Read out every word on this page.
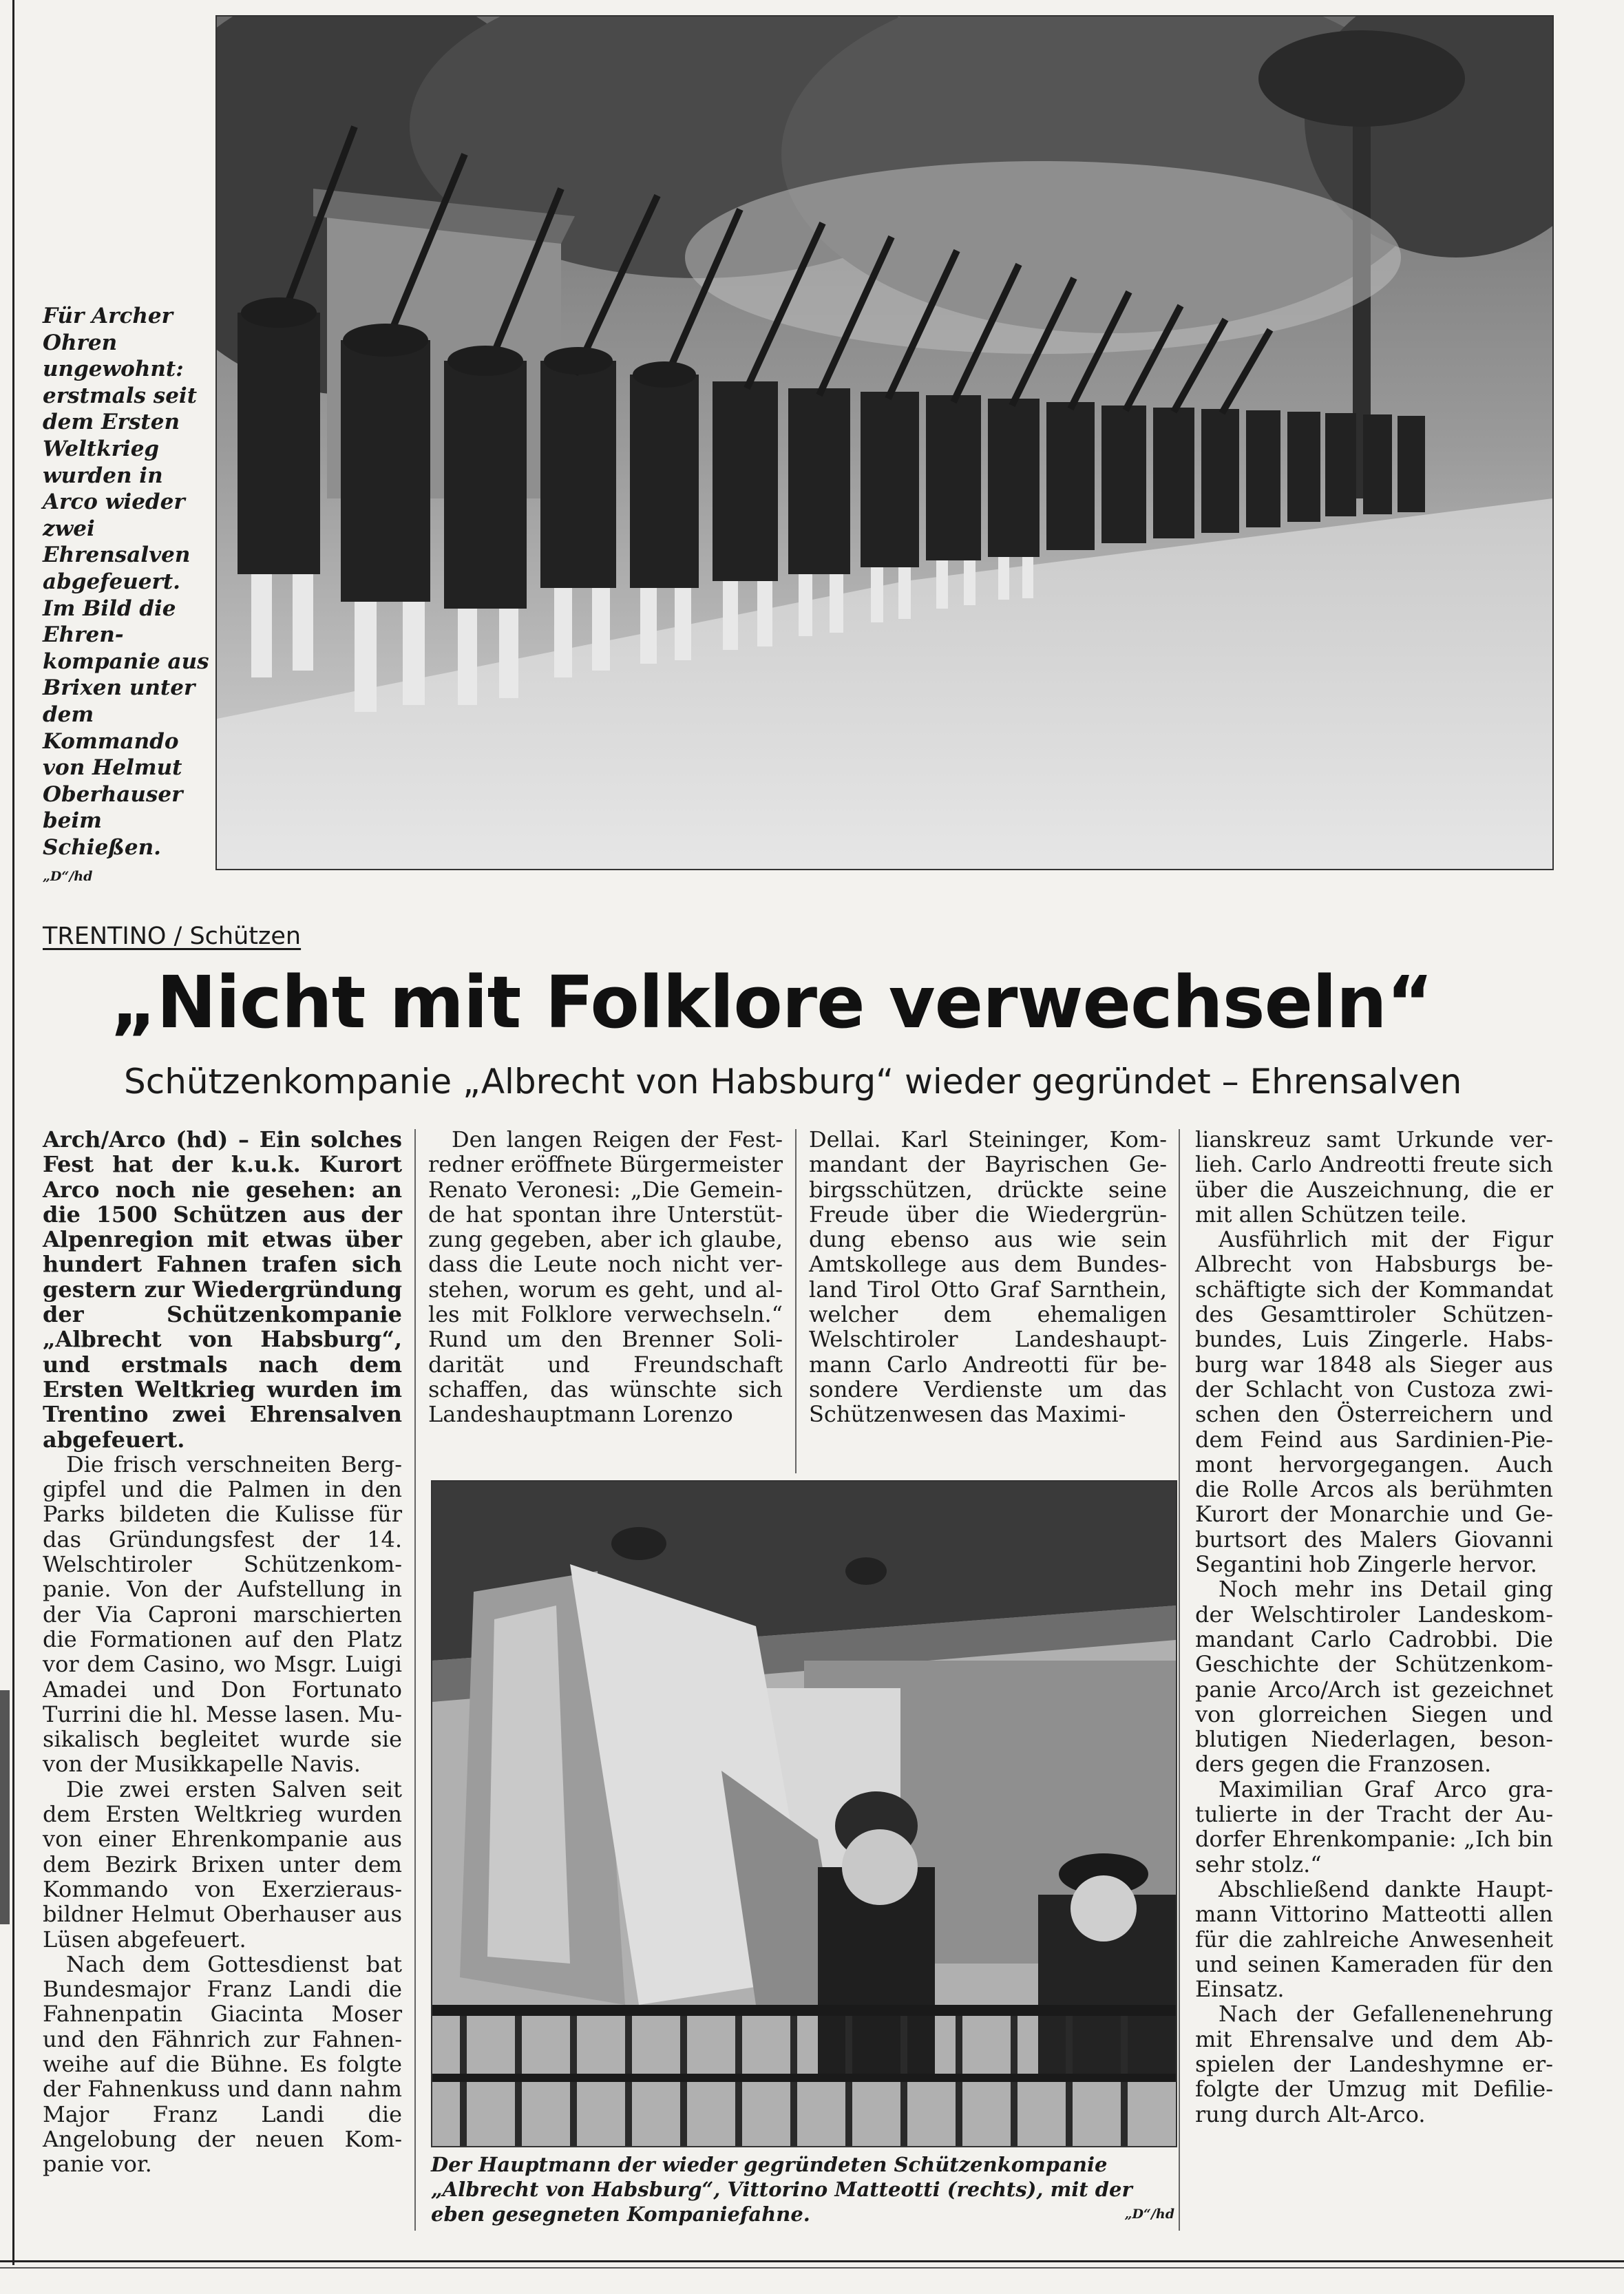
Für Archer Ohren ungewohnt: erstmals seit dem Ersten Weltkrieg wurden in Arco wieder zwei Ehrensalven abgefeuert. Im Bild die Ehren-kompanie aus Brixen unter dem Kommando von Helmut Oberhauser beim Schießen.
„D“/hd
TRENTINO / Schützen
„Nicht mit Folklore verwechseln“
Schützenkompanie „Albrecht von Habsburg“ wieder gegründet – Ehrensalven

Arch/Arco (hd) – Ein solches Fest hat der k.u.k. Kurort Arco noch nie gesehen: an die 1500 Schützen aus der Alpenregion mit etwas über hundert Fahnen trafen sich gestern zur Wiedergründung der Schützenkompanie „Albrecht von Habsburg“, und erstmals nach dem Ersten Weltkrieg wurden im Trentino zwei Ehrensalven abgefeuert.

Die frisch verschneiten Berggipfel und die Palmen in den Parks bildeten die Kulisse für das Gründungsfest der 14. Welschtiroler Schützenkompanie. Von der Aufstellung in der Via Caproni marschierten die Formationen auf den Platz vor dem Casino, wo Msgr. Luigi Amadei und Don Fortunato Turrini die hl. Messe lasen. Musikalisch begleitet wurde sie von der Musikkapelle Navis.

Die zwei ersten Salven seit dem Ersten Weltkrieg wurden von einer Ehrenkompanie aus dem Bezirk Brixen unter dem Kommando von Exerzierausbildner Helmut Oberhauser aus Lüsen abgefeuert.

Nach dem Gottesdienst bat Bundesmajor Franz Landi die Fahnenpatin Giacinta Moser und den Fähnrich zur Fahnenweihe auf die Bühne. Es folgte der Fahnenkuss und dann nahm Major Franz Landi die Angelobung der neuen Kompanie vor.

Den langen Reigen der Festredner eröffnete Bürgermeister Renato Veronesi: „Die Gemeinde hat spontan ihre Unterstützung gegeben, aber ich glaube, dass die Leute noch nicht verstehen, worum es geht, und alles mit Folklore verwechseln.“ Rund um den Brenner Solidarität und Freundschaft schaffen, das wünschte sich Landeshauptmann Lorenzo

Dellai. Karl Steininger, Kommandant der Bayrischen Gebirgsschützen, drückte seine Freude über die Wiedergründung ebenso aus wie sein Amtskollege aus dem Bundesland Tirol Otto Graf Sarnthein, welcher dem ehemaligen Welschtiroler Landeshauptmann Carlo Andreotti für besondere Verdienste um das Schützenwesen das Maximi-

lianskreuz samt Urkunde verlieh. Carlo Andreotti freute sich über die Auszeichnung, die er mit allen Schützen teile.

Ausführlich mit der Figur Albrecht von Habsburgs beschäftigte sich der Kommandat des Gesamttiroler Schützenbundes, Luis Zingerle. Habsburg war 1848 als Sieger aus der Schlacht von Custoza zwischen den Österreichern und dem Feind aus Sardinien-Piemont hervorgegangen. Auch die Rolle Arcos als berühmten Kurort der Monarchie und Geburtsort des Malers Giovanni Segantini hob Zingerle hervor.

Noch mehr ins Detail ging der Welschtiroler Landeskommandant Carlo Cadrobbi. Die Geschichte der Schützenkompanie Arco/Arch ist gezeichnet von glorreichen Siegen und blutigen Niederlagen, besonders gegen die Franzosen.

Maximilian Graf Arco gratulierte in der Tracht der Audorfer Ehrenkompanie: „Ich bin sehr stolz.“

Abschließend dankte Hauptmann Vittorino Matteotti allen für die zahlreiche Anwesenheit und seinen Kameraden für den Einsatz.

Nach der Gefallenenehrung mit Ehrensalve und dem Abspielen der Landeshymne erfolgte der Umzug mit Defilierung durch Alt-Arco.

Der Hauptmann der wieder gegründeten Schützenkompanie „Albrecht von Habsburg“, Vittorino Matteotti (rechts), mit der eben gesegneten Kompaniefahne.	„D“/hd
